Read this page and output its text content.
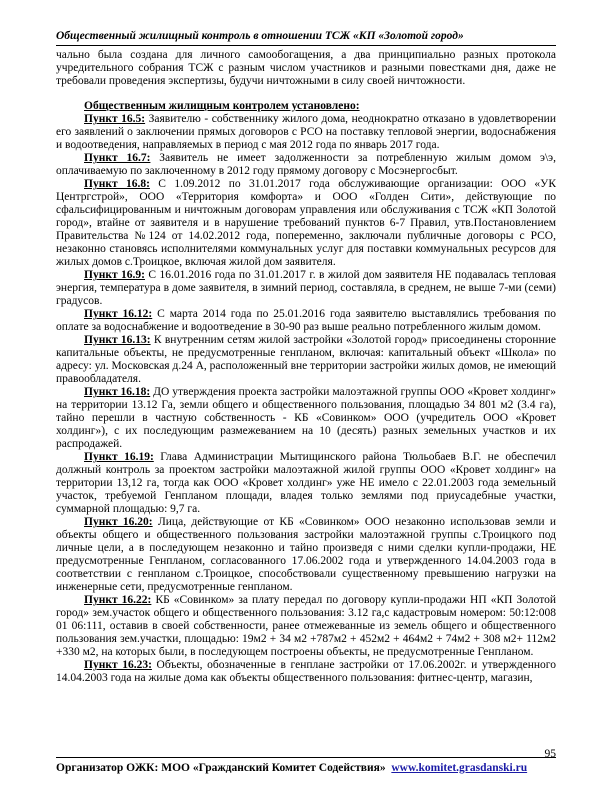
Общественный жилищный контроль в отношении ТСЖ «КП «Золотой город»

чально была создана для личного самообогащения, а два принципиально разных протокола учредительного собрания ТСЖ с разным числом участников и разными повестками дня, даже не требовали проведения экспертизы, будучи ничтожными в силу своей ничтожности.

Общественным жилищным контролем установлено:

Пункт 16.5: Заявителю - собственнику жилого дома, неоднократно отказано в удовлетворении его заявлений о заключении прямых договоров с РСО на поставку тепловой энергии, водоснабжения и водоотведения, направляемых в период с мая 2012 года по январь 2017 года.

Пункт 16.7: Заявитель не имеет задолженности за потребленную жилым домом э\э, оплачиваемую по заключенному в 2012 году прямому договору с Мосэнергосбыт.

Пункт 16.8: С 1.09.2012 по 31.01.2017 года обслуживающие организации: ООО «УК Центргстрой», ООО «Территория комфорта» и ООО «Голден Сити», действующие по сфальсифицированным и ничтожным договорам управления или обслуживания с ТСЖ «КП Золотой город», втайне от заявителя и в нарушение требований пунктов 6-7 Правил, утв.Постановлением Правительства №124 от 14.02.2012 года, попеременно, заключали публичные договоры с РСО, незаконно становясь исполнителями коммунальных услуг для поставки коммунальных ресурсов для жилых домов с.Троицкое, включая жилой дом заявителя.

Пункт 16.9: С 16.01.2016 года по 31.01.2017 г. в жилой дом заявителя НЕ подавалась тепловая энергия, температура в доме заявителя, в зимний период, составляла, в среднем, не выше 7-ми (семи) градусов.

Пункт 16.12: С марта 2014 года по 25.01.2016 года заявителю выставлялись требования по оплате за водоснабжение и водоотведение в 30-90 раз выше реально потребленного жилым домом.

Пункт 16.13: К внутренним сетям жилой застройки «Золотой город» присоединены сторонние капитальные объекты, не предусмотренные генпланом, включая: капитальный объект «Школа» по адресу: ул. Московская д.24 А, расположенный вне территории застройки жилых домов, не имеющий правообладателя.

Пункт 16.18: ДО утверждения проекта застройки малоэтажной группы ООО «Кровет холдинг» на территории 13.12 Га, земли общего и общественного пользования, площадью 34 801 м2 (3.4 га), тайно перешли в частную собственность - КБ «Совинком» ООО (учредитель ООО «Кровет холдинг»), с их последующим размежеванием на 10 (десять) разных земельных участков и их распродажей.

Пункт 16.19: Глава Администрации Мытищинского района Тюльобаев В.Г. не обеспечил должный контроль за проектом застройки малоэтажной жилой группы ООО «Кровет холдинг» на территории 13,12 га, тогда как ООО «Кровет холдинг» уже НЕ имело с 22.01.2003 года земельный участок, требуемой Генпланом площади, владея только землями под приусадебные участки, суммарной площадью: 9,7 га.

Пункт 16.20: Лица, действующие от КБ «Совинком» ООО незаконно использовав земли и объекты общего и общественного пользования застройки малоэтажной группы с.Троицкого под личные цели, а в последующем незаконно и тайно произведя с ними сделки купли-продажи, НЕ предусмотренные Генпланом, согласованного 17.06.2002 года и утвержденного 14.04.2003 года в соответствии с генпланом с.Троицкое, способствовали существенному превышению нагрузки на инженерные сети, предусмотренные генпланом.

Пункт 16.22: КБ «Совинком» за плату передал по договору купли-продажи НП «КП Золотой город» зем.участок общего и общественного пользования: 3.12 га,с кадастровым номером: 50:12:008 01 06:111, оставив в своей собственности, ранее отмежеванные из земель общего и общественного пользования зем.участки, площадью: 19м2 + 34 м2 +787м2 + 452м2 + 464м2 + 74м2 + 308 м2+ 112м2 +330 м2, на которых были, в последующем построены объекты, не предусмотренные Генпланом.

Пункт 16.23: Объекты, обозначенные в генплане застройки от 17.06.2002г. и утвержденного 14.04.2003 года на жилые дома как объекты общественного пользования: фитнес-центр, магазин,

95
Организатор ОЖК: МОО «Гражданский Комитет Содействия» www.komitet.grasdanski.ru
